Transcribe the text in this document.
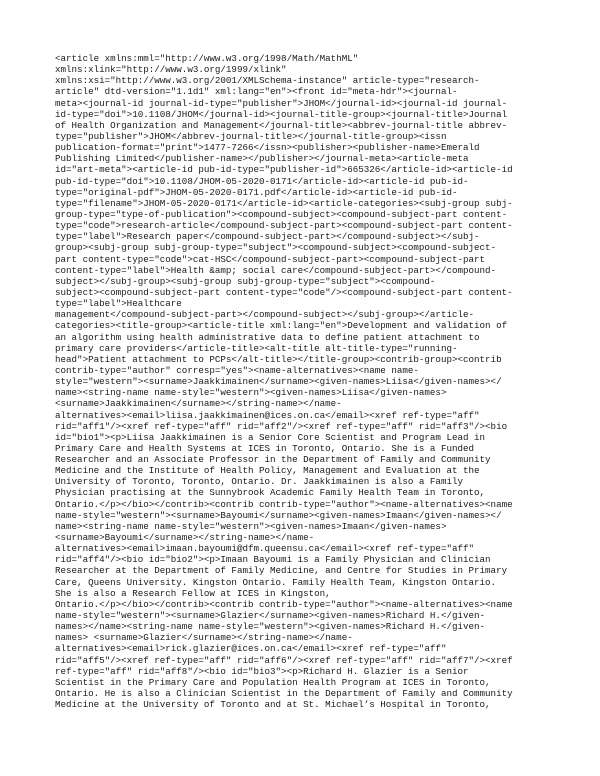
<article xmlns:mml="http://www.w3.org/1998/Math/MathML"
xmlns:xlink="http://www.w3.org/1999/xlink"
xmlns:xsi="http://www.w3.org/2001/XMLSchema-instance" article-type="research-
article" dtd-version="1.1d1" xml:lang="en"><front id="meta-hdr"><journal-
meta><journal-id journal-id-type="publisher">JHOM</journal-id><journal-id journal-
id-type="doi">10.1108/JHOM</journal-id><journal-title-group><journal-title>Journal
of Health Organization and Management</journal-title><abbrev-journal-title abbrev-
type="publisher">JHOM</abbrev-journal-title></journal-title-group><issn
publication-format="print">1477-7266</issn><publisher><publisher-name>Emerald
Publishing Limited</publisher-name></publisher></journal-meta><article-meta
id="art-meta"><article-id pub-id-type="publisher-id">665326</article-id><article-id
pub-id-type="doi">10.1108/JHOM-05-2020-0171</article-id><article-id pub-id-
type="original-pdf">JHOM-05-2020-0171.pdf</article-id><article-id pub-id-
type="filename">JHOM-05-2020-0171</article-id><article-categories><subj-group subj-
group-type="type-of-publication"><compound-subject><compound-subject-part content-
type="code">research-article</compound-subject-part><compound-subject-part content-
type="label">Research paper</compound-subject-part></compound-subject></subj-
group><subj-group subj-group-type="subject"><compound-subject><compound-subject-
part content-type="code">cat-HSC</compound-subject-part><compound-subject-part
content-type="label">Health &amp; social care</compound-subject-part></compound-
subject></subj-group><subj-group subj-group-type="subject"><compound-
subject><compound-subject-part content-type="code"/><compound-subject-part content-
type="label">Healthcare
management</compound-subject-part></compound-subject></subj-group></article-
categories><title-group><article-title xml:lang="en">Development and validation of
an algorithm using health administrative data to define patient attachment to
primary care providers</article-title><alt-title alt-title-type="running-
head">Patient attachment to PCPs</alt-title></title-group><contrib-group><contrib
contrib-type="author" corresp="yes"><name-alternatives><name name-
style="western"><surname>Jaakkimainen</surname><given-names>Liisa</given-names></
name><string-name name-style="western"><given-names>Liisa</given-names>
<surname>Jaakkimainen</surname></string-name></name-
alternatives><email>liisa.jaakkimainen@ices.on.ca</email><xref ref-type="aff"
rid="aff1"/><xref ref-type="aff" rid="aff2"/><xref ref-type="aff" rid="aff3"/><bio
id="bio1"><p>Liisa Jaakkimainen is a Senior Core Scientist and Program Lead in
Primary Care and Health Systems at ICES in Toronto, Ontario. She is a Funded
Researcher and an Associate Professor in the Department of Family and Community
Medicine and the Institute of Health Policy, Management and Evaluation at the
University of Toronto, Toronto, Ontario. Dr. Jaakkimainen is also a Family
Physician practising at the Sunnybrook Academic Family Health Team in Toronto,
Ontario.</p></bio></contrib><contrib contrib-type="author"><name-alternatives><name
name-style="western"><surname>Bayoumi</surname><given-names>Imaan</given-names></
name><string-name name-style="western"><given-names>Imaan</given-names>
<surname>Bayoumi</surname></string-name></name-
alternatives><email>imaan.bayoumi@dfm.queensu.ca</email><xref ref-type="aff"
rid="aff4"/><bio id="bio2"><p>Imaan Bayoumi is a Family Physician and Clinician
Researcher at the Department of Family Medicine, and Centre for Studies in Primary
Care, Queens University. Kingston Ontario. Family Health Team, Kingston Ontario.
She is also a Research Fellow at ICES in Kingston,
Ontario.</p></bio></contrib><contrib contrib-type="author"><name-alternatives><name
name-style="western"><surname>Glazier</surname><given-names>Richard H.</given-
names></name><string-name name-style="western"><given-names>Richard H.</given-
names> <surname>Glazier</surname></string-name></name-
alternatives><email>rick.glazier@ices.on.ca</email><xref ref-type="aff"
rid="aff5"/><xref ref-type="aff" rid="aff6"/><xref ref-type="aff" rid="aff7"/><xref
ref-type="aff" rid="aff8"/><bio id="bio3"><p>Richard H. Glazier is a Senior
Scientist in the Primary Care and Population Health Program at ICES in Toronto,
Ontario. He is also a Clinician Scientist in the Department of Family and Community
Medicine at the University of Toronto and at St. Michael’s Hospital in Toronto,
